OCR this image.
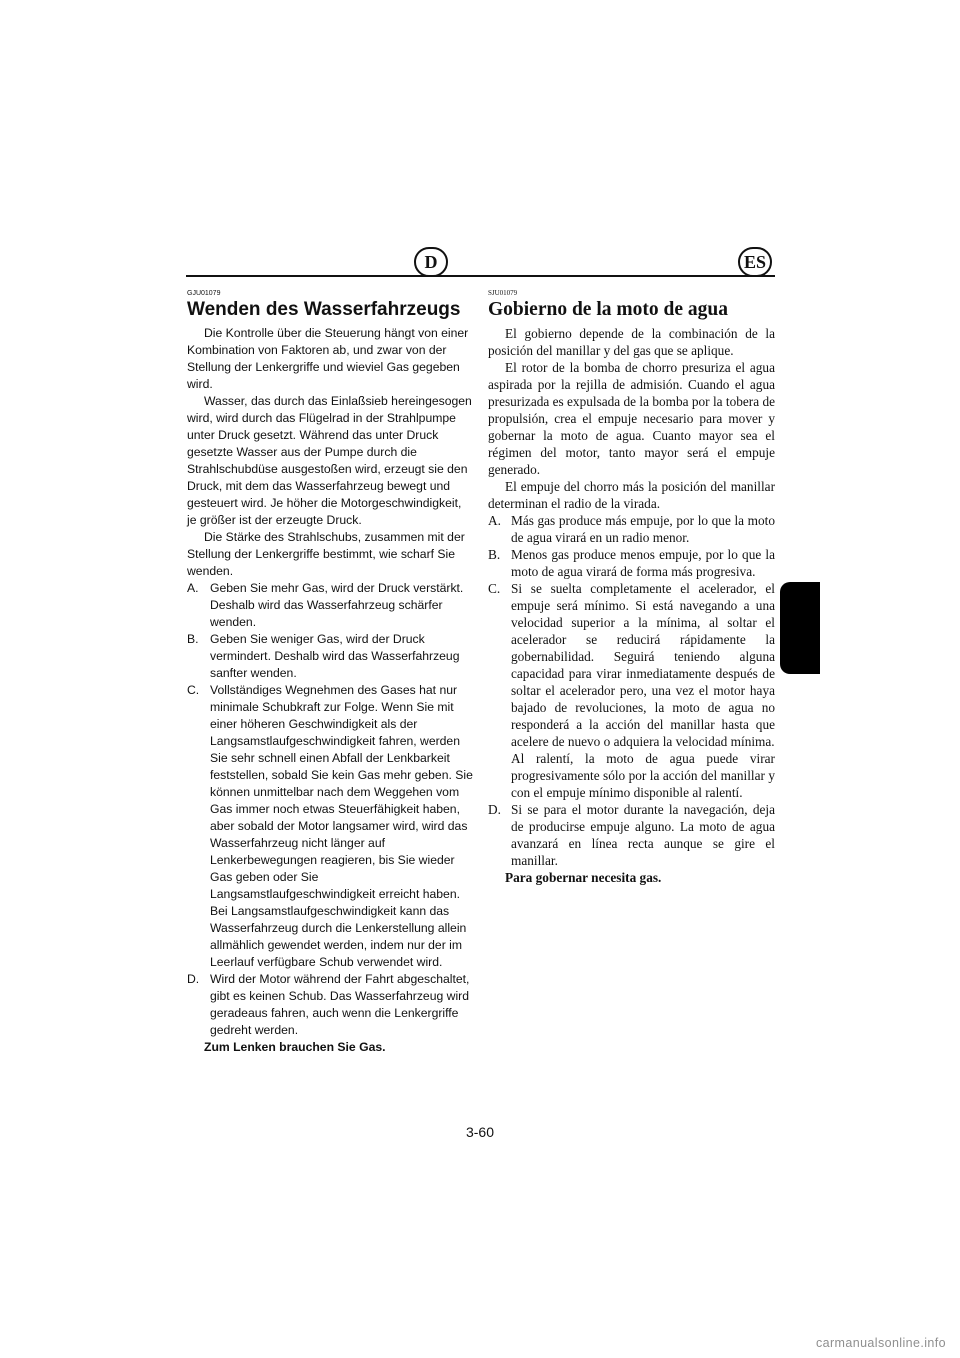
D	ES
GJU01079
Wenden des Wasserfahrzeugs

Die Kontrolle über die Steuerung hängt von einer Kombination von Faktoren ab, und zwar von der Stellung der Lenkergriffe und wieviel Gas gegeben wird.

Wasser, das durch das Einlaßsieb hereingesogen wird, wird durch das Flügelrad in der Strahlpumpe unter Druck gesetzt. Während das unter Druck gesetzte Wasser aus der Pumpe durch die Strahlschubdüse ausgestoßen wird, erzeugt sie den Druck, mit dem das Wasserfahrzeug bewegt und gesteuert wird. Je höher die Motorgeschwindigkeit, je größer ist der erzeugte Druck.

Die Stärke des Strahlschubs, zusammen mit der Stellung der Lenkergriffe bestimmt, wie scharf Sie wenden.

A. Geben Sie mehr Gas, wird der Druck verstärkt. Deshalb wird das Wasserfahrzeug schärfer wenden.

B. Geben Sie weniger Gas, wird der Druck vermindert. Deshalb wird das Wasserfahrzeug sanfter wenden.

C. Vollständiges Wegnehmen des Gases hat nur minimale Schubkraft zur Folge. Wenn Sie mit einer höheren Geschwindigkeit als der Langsamstlaufgeschwindigkeit fahren, werden Sie sehr schnell einen Abfall der Lenkbarkeit feststellen, sobald Sie kein Gas mehr geben. Sie können unmittelbar nach dem Weggehen vom Gas immer noch etwas Steuerfähigkeit haben, aber sobald der Motor langsamer wird, wird das Wasserfahrzeug nicht länger auf Lenkerbewegungen reagieren, bis Sie wieder Gas geben oder Sie Langsamstlaufgeschwindigkeit erreicht haben.

Bei Langsamstlaufgeschwindigkeit kann das Wasserfahrzeug durch die Lenkerstellung allein allmählich gewendet werden, indem nur der im Leerlauf verfügbare Schub verwendet wird.

D. Wird der Motor während der Fahrt abgeschaltet, gibt es keinen Schub. Das Wasserfahrzeug wird geradeaus fahren, auch wenn die Lenkergriffe gedreht werden.

Zum Lenken brauchen Sie Gas.

SJU01079
Gobierno de la moto de agua

El gobierno depende de la combinación de la posición del manillar y del gas que se aplique.

El rotor de la bomba de chorro presuriza el agua aspirada por la rejilla de admisión. Cuando el agua presurizada es expulsada de la bomba por la tobera de propulsión, crea el empuje necesario para mover y gobernar la moto de agua. Cuanto mayor sea el régimen del motor, tanto mayor será el empuje generado.

El empuje del chorro más la posición del manillar determinan el radio de la virada.

A. Más gas produce más empuje, por lo que la moto de agua virará en un radio menor.

B. Menos gas produce menos empuje, por lo que la moto de agua virará de forma más progresiva.

C. Si se suelta completamente el acelerador, el empuje será mínimo. Si está navegando a una velocidad superior a la mínima, al soltar el acelerador se reducirá rápidamente la gobernabilidad. Seguirá teniendo alguna capacidad para virar inmediatamente después de soltar el acelerador pero, una vez el motor haya bajado de revoluciones, la moto de agua no responderá a la acción del manillar hasta que acelere de nuevo o adquiera la velocidad mínima.

Al ralentí, la moto de agua puede virar progresivamente sólo por la acción del manillar y con el empuje mínimo disponible al ralentí.

D. Si se para el motor durante la navegación, deja de producirse empuje alguno. La moto de agua avanzará en línea recta aunque se gire el manillar.

Para gobernar necesita gas.

3-60
carmanualsonline.info
